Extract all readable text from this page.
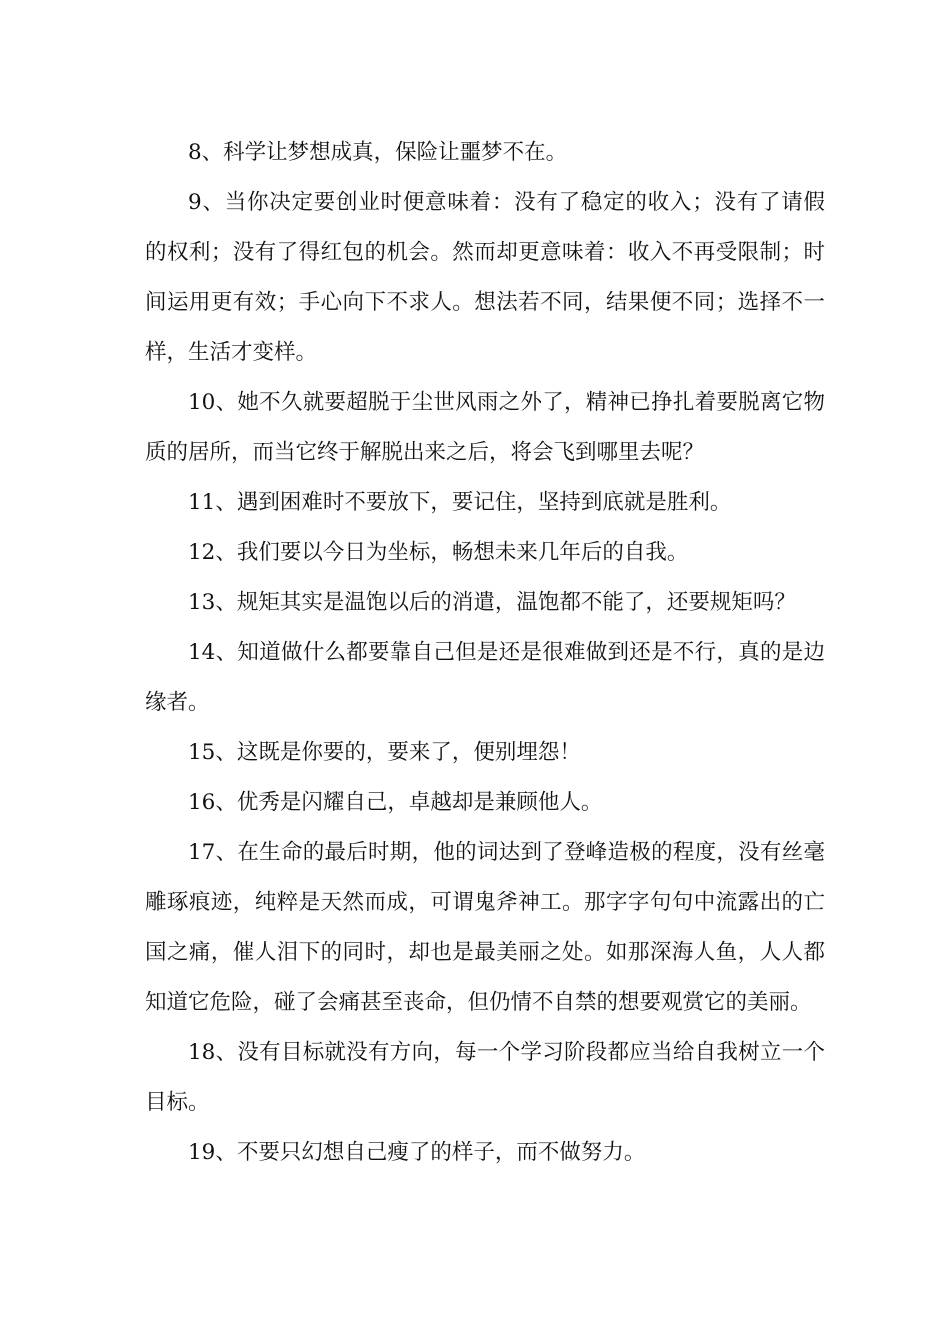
8、科学让梦想成真，保险让噩梦不在。

9、当你决定要创业时便意味着：没有了稳定的收入；没有了请假的权利；没有了得红包的机会。然而却更意味着：收入不再受限制；时间运用更有效；手心向下不求人。想法若不同，结果便不同；选择不一样，生活才变样。

10、她不久就要超脱于尘世风雨之外了，精神已挣扎着要脱离它物质的居所，而当它终于解脱出来之后，将会飞到哪里去呢？

11、遇到困难时不要放下，要记住，坚持到底就是胜利。

12、我们要以今日为坐标，畅想未来几年后的自我。

13、规矩其实是温饱以后的消遣，温饱都不能了，还要规矩吗？

14、知道做什么都要靠自己但是还是很难做到还是不行，真的是边缘者。

15、这既是你要的，要来了，便别埋怨！

16、优秀是闪耀自己，卓越却是兼顾他人。

17、在生命的最后时期，他的词达到了登峰造极的程度，没有丝毫雕琢痕迹，纯粹是天然而成，可谓鬼斧神工。那字字句句中流露出的亡国之痛，催人泪下的同时，却也是最美丽之处。如那深海人鱼，人人都知道它危险，碰了会痛甚至丧命，但仍情不自禁的想要观赏它的美丽。

18、没有目标就没有方向，每一个学习阶段都应当给自我树立一个目标。

19、不要只幻想自己瘦了的样子，而不做努力。
